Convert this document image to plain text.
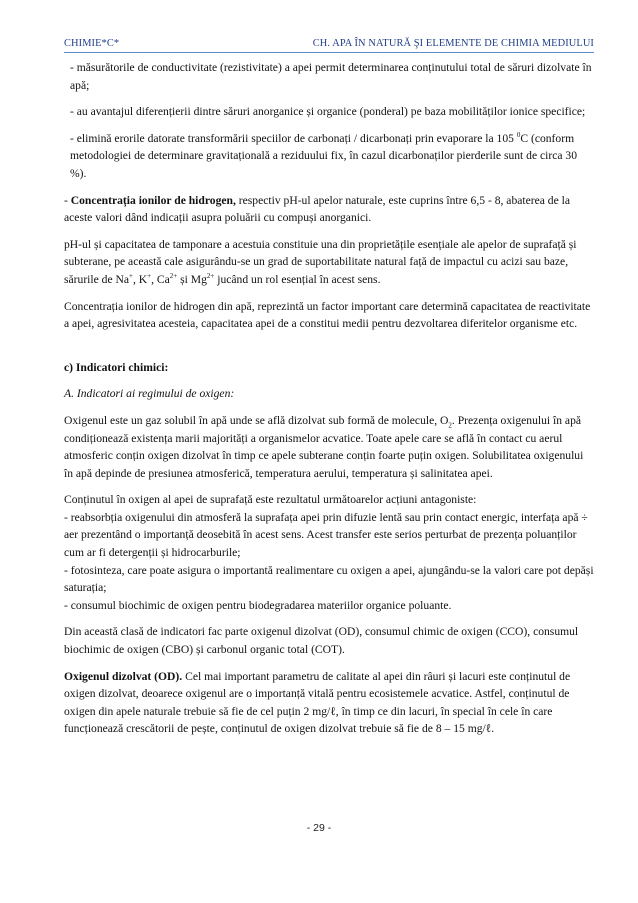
CHIMIE*C*	CH. APA ÎN NATURĂ ŞI ELEMENTE DE CHIMIA MEDIULUI

- măsurătorile de conductivitate (rezistivitate) a apei permit determinarea conținutului total de săruri dizolvate în apă;

- au avantajul diferențierii dintre săruri anorganice și organice (ponderal) pe baza mobilităților ionice specifice;

- elimină erorile datorate transformării speciilor de carbonați / dicarbonați prin evaporare la 105 $^0$C (conform metodologiei de determinare gravitațională a reziduului fix, în cazul dicarbonaților pierderile sunt de circa 30 %).

- Concentrația ionilor de hidrogen, respectiv pH-ul apelor naturale, este cuprins între 6,5 - 8, abaterea de la aceste valori dând indicații asupra poluării cu compuși anorganici.

pH-ul și capacitatea de tamponare a acestuia constituie una din proprietățile esențiale ale apelor de suprafață și subterane, pe această cale asigurându-se un grad de suportabilitate natural față de impactul cu acizi sau baze, sărurile de Na+, K+, $Ca^{2+}$ și $Mg^{2+}$ jucând un rol esențial în acest sens.

Concentrația ionilor de hidrogen din apă, reprezintă un factor important care determină capacitatea de reactivitate a apei, agresivitatea acesteia, capacitatea apei de a constitui medii pentru dezvoltarea diferitelor organisme etc.

c) Indicatori chimici:

A. Indicatori ai regimului de oxigen:

Oxigenul este un gaz solubil în apă unde se află dizolvat sub formă de molecule, $O_2$. Prezența oxigenului în apă condiționează existența marii majorități a organismelor acvatice. Toate apele care se află în contact cu aerul atmosferic conțin oxigen dizolvat în timp ce apele subterane conțin foarte puțin oxigen. Solubilitatea oxigenului în apă depinde de presiunea atmosferică, temperatura aerului, temperatura și salinitatea apei.

Conținutul în oxigen al apei de suprafață este rezultatul următoarelor acțiuni antagoniste:
- reabsorbția oxigenului din atmosferă la suprafața apei prin difuzie lentă sau prin contact energic, interfața apă ÷ aer prezentând o importanță deosebită în acest sens. Acest transfer este serios perturbat de prezența poluanților cum ar fi detergenții și hidrocarburile;
- fotosinteza, care poate asigura o importantă realimentare cu oxigen a apei, ajungându-se la valori care pot depăși saturația;
- consumul biochimic de oxigen pentru biodegradarea materiilor organice poluante.

Din această clasă de indicatori fac parte oxigenul dizolvat (OD), consumul chimic de oxigen (CCO), consumul biochimic de oxigen (CBO) și carbonul organic total (COT).

Oxigenul dizolvat (OD). Cel mai important parametru de calitate al apei din râuri și lacuri este conținutul de oxigen dizolvat, deoarece oxigenul are o importanță vitală pentru ecosistemele acvatice. Astfel, conținutul de oxigen din apele naturale trebuie să fie de cel puțin 2 mg/ℓ, în timp ce din lacuri, în special în cele în care funcționează crescătorii de pește, conținutul de oxigen dizolvat trebuie să fie de 8 – 15 mg/ℓ.

- 29 -
